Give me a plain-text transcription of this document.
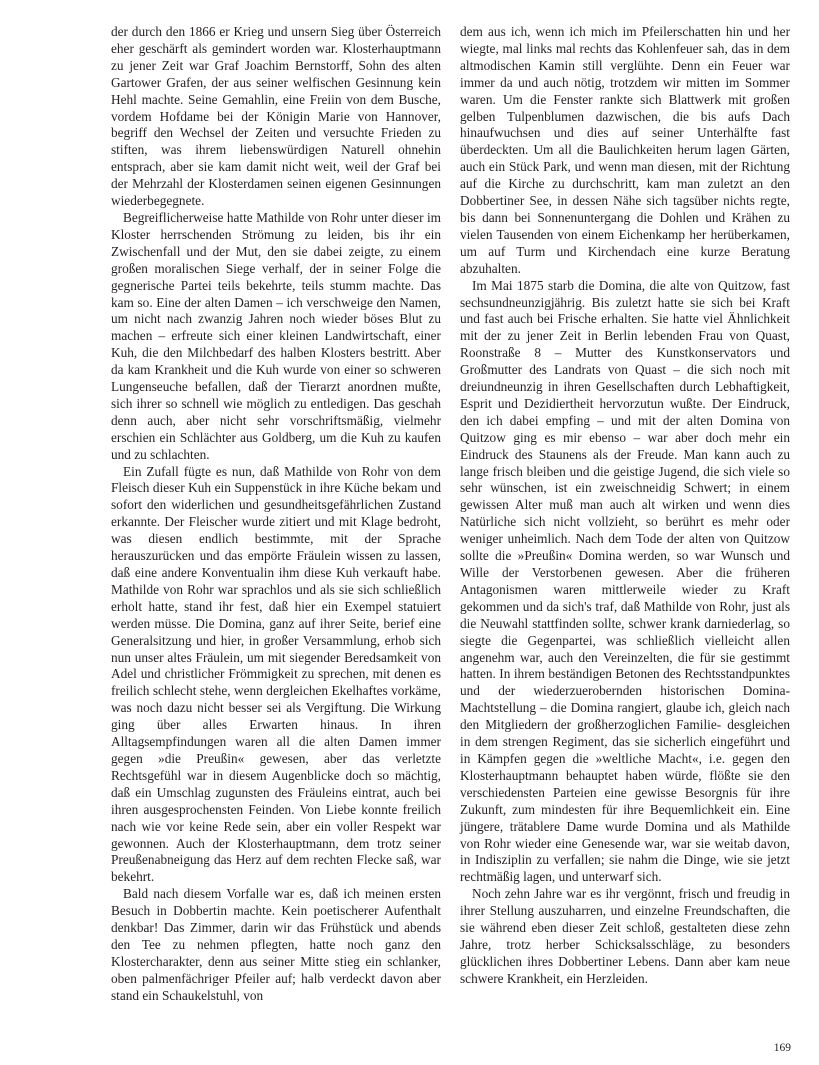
der durch den 1866 er Krieg und unsern Sieg über Österreich eher geschärft als gemindert worden war. Klosterhauptmann zu jener Zeit war Graf Joachim Bernstorff, Sohn des alten Gartower Grafen, der aus seiner welfischen Gesinnung kein Hehl machte. Seine Gemahlin, eine Freiin von dem Busche, vordem Hofdame bei der Königin Marie von Hannover, begriff den Wechsel der Zeiten und versuchte Frieden zu stiften, was ihrem liebenswürdigen Naturell ohnehin entsprach, aber sie kam damit nicht weit, weil der Graf bei der Mehrzahl der Klosterdamen seinen eigenen Gesinnungen wiederbegegnete.

Begreiflicherweise hatte Mathilde von Rohr unter dieser im Kloster herrschenden Strömung zu leiden, bis ihr ein Zwischenfall und der Mut, den sie dabei zeigte, zu einem großen moralischen Siege verhalf, der in seiner Folge die gegnerische Partei teils bekehrte, teils stumm machte. Das kam so. Eine der alten Damen – ich verschweige den Namen, um nicht nach zwanzig Jahren noch wieder böses Blut zu machen – erfreute sich einer kleinen Landwirtschaft, einer Kuh, die den Milchbedarf des halben Klosters bestritt. Aber da kam Krankheit und die Kuh wurde von einer so schweren Lungenseuche befallen, daß der Tierarzt anordnen mußte, sich ihrer so schnell wie möglich zu entledigen. Das geschah denn auch, aber nicht sehr vorschriftsmäßig, vielmehr erschien ein Schlächter aus Goldberg, um die Kuh zu kaufen und zu schlachten.

Ein Zufall fügte es nun, daß Mathilde von Rohr von dem Fleisch dieser Kuh ein Suppenstück in ihre Küche bekam und sofort den widerlichen und gesundheitsgefährlichen Zustand erkannte. Der Fleischer wurde zitiert und mit Klage bedroht, was diesen endlich bestimmte, mit der Sprache herauszurücken und das empörte Fräulein wissen zu lassen, daß eine andere Konventualin ihm diese Kuh verkauft habe. Mathilde von Rohr war sprachlos und als sie sich schließlich erholt hatte, stand ihr fest, daß hier ein Exempel statuiert werden müsse. Die Domina, ganz auf ihrer Seite, berief eine Generalsitzung und hier, in großer Versammlung, erhob sich nun unser altes Fräulein, um mit siegender Beredsamkeit von Adel und christlicher Frömmigkeit zu sprechen, mit denen es freilich schlecht stehe, wenn dergleichen Ekelhaftes vorkäme, was noch dazu nicht besser sei als Vergiftung. Die Wirkung ging über alles Erwarten hinaus. In ihren Alltagsempfindungen waren all die alten Damen immer gegen »die Preußin« gewesen, aber das verletzte Rechtsgefühl war in diesem Augenblicke doch so mächtig, daß ein Umschlag zugunsten des Fräuleins eintrat, auch bei ihren ausgesprochensten Feinden. Von Liebe konnte freilich nach wie vor keine Rede sein, aber ein voller Respekt war gewonnen. Auch der Klosterhauptmann, dem trotz seiner Preußenabneigung das Herz auf dem rechten Flecke saß, war bekehrt.

Bald nach diesem Vorfalle war es, daß ich meinen ersten Besuch in Dobbertin machte. Kein poetischerer Aufenthalt denkbar! Das Zimmer, darin wir das Frühstück und abends den Tee zu nehmen pflegten, hatte noch ganz den Klostercharakter, denn aus seiner Mitte stieg ein schlanker, oben palmenfächriger Pfeiler auf; halb verdeckt davon aber stand ein Schaukelstuhl, von

dem aus ich, wenn ich mich im Pfeilerschatten hin und her wiegte, mal links mal rechts das Kohlenfeuer sah, das in dem altmodischen Kamin still verglühte. Denn ein Feuer war immer da und auch nötig, trotzdem wir mitten im Sommer waren. Um die Fenster rankte sich Blattwerk mit großen gelben Tulpenblumen dazwischen, die bis aufs Dach hinaufwuchsen und dies auf seiner Unterhälfte fast überdeckten. Um all die Baulichkeiten herum lagen Gärten, auch ein Stück Park, und wenn man diesen, mit der Richtung auf die Kirche zu durchschritt, kam man zuletzt an den Dobbertiner See, in dessen Nähe sich tagsüber nichts regte, bis dann bei Sonnenuntergang die Dohlen und Krähen zu vielen Tausenden von einem Eichenkamp her herüberkamen, um auf Turm und Kirchendach eine kurze Beratung abzuhalten.

Im Mai 1875 starb die Domina, die alte von Quitzow, fast sechsundneunzigjährig. Bis zuletzt hatte sie sich bei Kraft und fast auch bei Frische erhalten. Sie hatte viel Ähnlichkeit mit der zu jener Zeit in Berlin lebenden Frau von Quast, Roonstraße 8 – Mutter des Kunstkonservators und Großmutter des Landrats von Quast – die sich noch mit dreiundneunzig in ihren Gesellschaften durch Lebhaftigkeit, Esprit und Dezidiertheit hervorzutun wußte. Der Eindruck, den ich dabei empfing – und mit der alten Domina von Quitzow ging es mir ebenso – war aber doch mehr ein Eindruck des Staunens als der Freude. Man kann auch zu lange frisch bleiben und die geistige Jugend, die sich viele so sehr wünschen, ist ein zweischneidig Schwert; in einem gewissen Alter muß man auch alt wirken und wenn dies Natürliche sich nicht vollzieht, so berührt es mehr oder weniger unheimlich. Nach dem Tode der alten von Quitzow sollte die »Preußin« Domina werden, so war Wunsch und Wille der Verstorbenen gewesen. Aber die früheren Antagonismen waren mittlerweile wieder zu Kraft gekommen und da sich's traf, daß Mathilde von Rohr, just als die Neuwahl stattfinden sollte, schwer krank darniederlag, so siegte die Gegenpartei, was schließlich vielleicht allen angenehm war, auch den Vereinzelten, die für sie gestimmt hatten. In ihrem beständigen Betonen des Rechtsstandpunktes und der wiederzuerobernden historischen Domina-Machtstellung – die Domina rangiert, glaube ich, gleich nach den Mitgliedern der großherzoglichen Familie- desgleichen in dem strengen Regiment, das sie sicherlich eingeführt und in Kämpfen gegen die »weltliche Macht«, i.e. gegen den Klosterhauptmann behauptet haben würde, flößte sie den verschiedensten Parteien eine gewisse Besorgnis für ihre Zukunft, zum mindesten für ihre Bequemlichkeit ein. Eine jüngere, trätablere Dame wurde Domina und als Mathilde von Rohr wieder eine Genesende war, war sie weitab davon, in Indisziplin zu verfallen; sie nahm die Dinge, wie sie jetzt rechtmäßig lagen, und unterwarf sich.

Noch zehn Jahre war es ihr vergönnt, frisch und freudig in ihrer Stellung auszuharren, und einzelne Freundschaften, die sie während eben dieser Zeit schloß, gestalteten diese zehn Jahre, trotz herber Schicksalsschläge, zu besonders glücklichen ihres Dobbertiner Lebens. Dann aber kam neue schwere Krankheit, ein Herzleiden.

169
